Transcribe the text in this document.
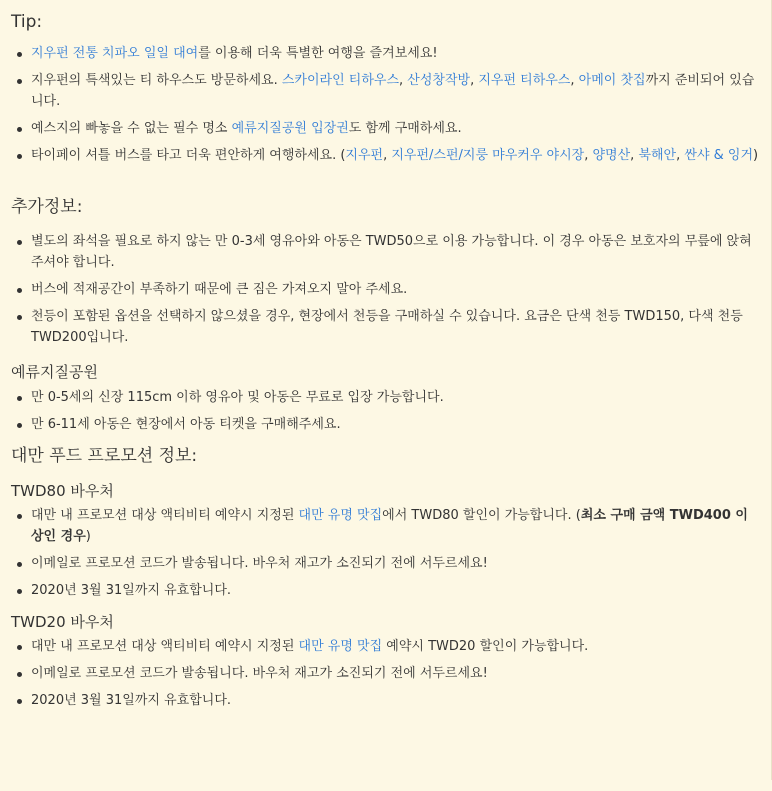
Tip:
지우펀 전통 치파오 일일 대여를 이용해 더욱 특별한 여행을 즐겨보세요!
지우펀의 특색있는 티 하우스도 방문하세요. 스카이라인 티하우스, 산성창작방, 지우펀 티하우스, 아메이 찻집까지 준비되어 있습니다.
예스지의 빠놓을 수 없는 필수 명소 예류지질공원 입장권도 함께 구매하세요.
타이페이 셔틀 버스를 타고 더욱 편안하게 여행하세요. (지우펀, 지우펀/스펀/지룽 먀우커우 야시장, 양명산, 북해안, 싼샤 & 잉거)
추가정보:
별도의 좌석을 필요로 하지 않는 만 0-3세 영유아와 아동은 TWD50으로 이용 가능합니다. 이 경우 아동은 보호자의 무릎에 앉혀 주셔야 합니다.
버스에 적재공간이 부족하기 때문에 큰 짐은 가져오지 말아 주세요.
천등이 포함된 옵션을 선택하지 않으셨을 경우, 현장에서 천등을 구매하실 수 있습니다. 요금은 단색 천등 TWD150, 다색 천등 TWD200입니다.
예류지질공원
만 0-5세의 신장 115cm 이하 영유아 및 아동은 무료로 입장 가능합니다.
만 6-11세 아동은 현장에서 아동 티켓을 구매해주세요.
대만 푸드 프로모션 정보:
TWD80 바우처
대만 내 프로모션 대상 액티비티 예약시 지정된 대만 유명 맛집에서 TWD80 할인이 가능합니다. (최소 구매 금액 TWD400 이상인 경우)
이메일로 프로모션 코드가 발송됩니다. 바우처 재고가 소진되기 전에 서두르세요!
2020년 3월 31일까지 유효합니다.
TWD20 바우처
대만 내 프로모션 대상 액티비티 예약시 지정된 대만 유명 맛집 예약시 TWD20 할인이 가능합니다.
이메일로 프로모션 코드가 발송됩니다. 바우처 재고가 소진되기 전에 서두르세요!
2020년 3월 31일까지 유효합니다.
